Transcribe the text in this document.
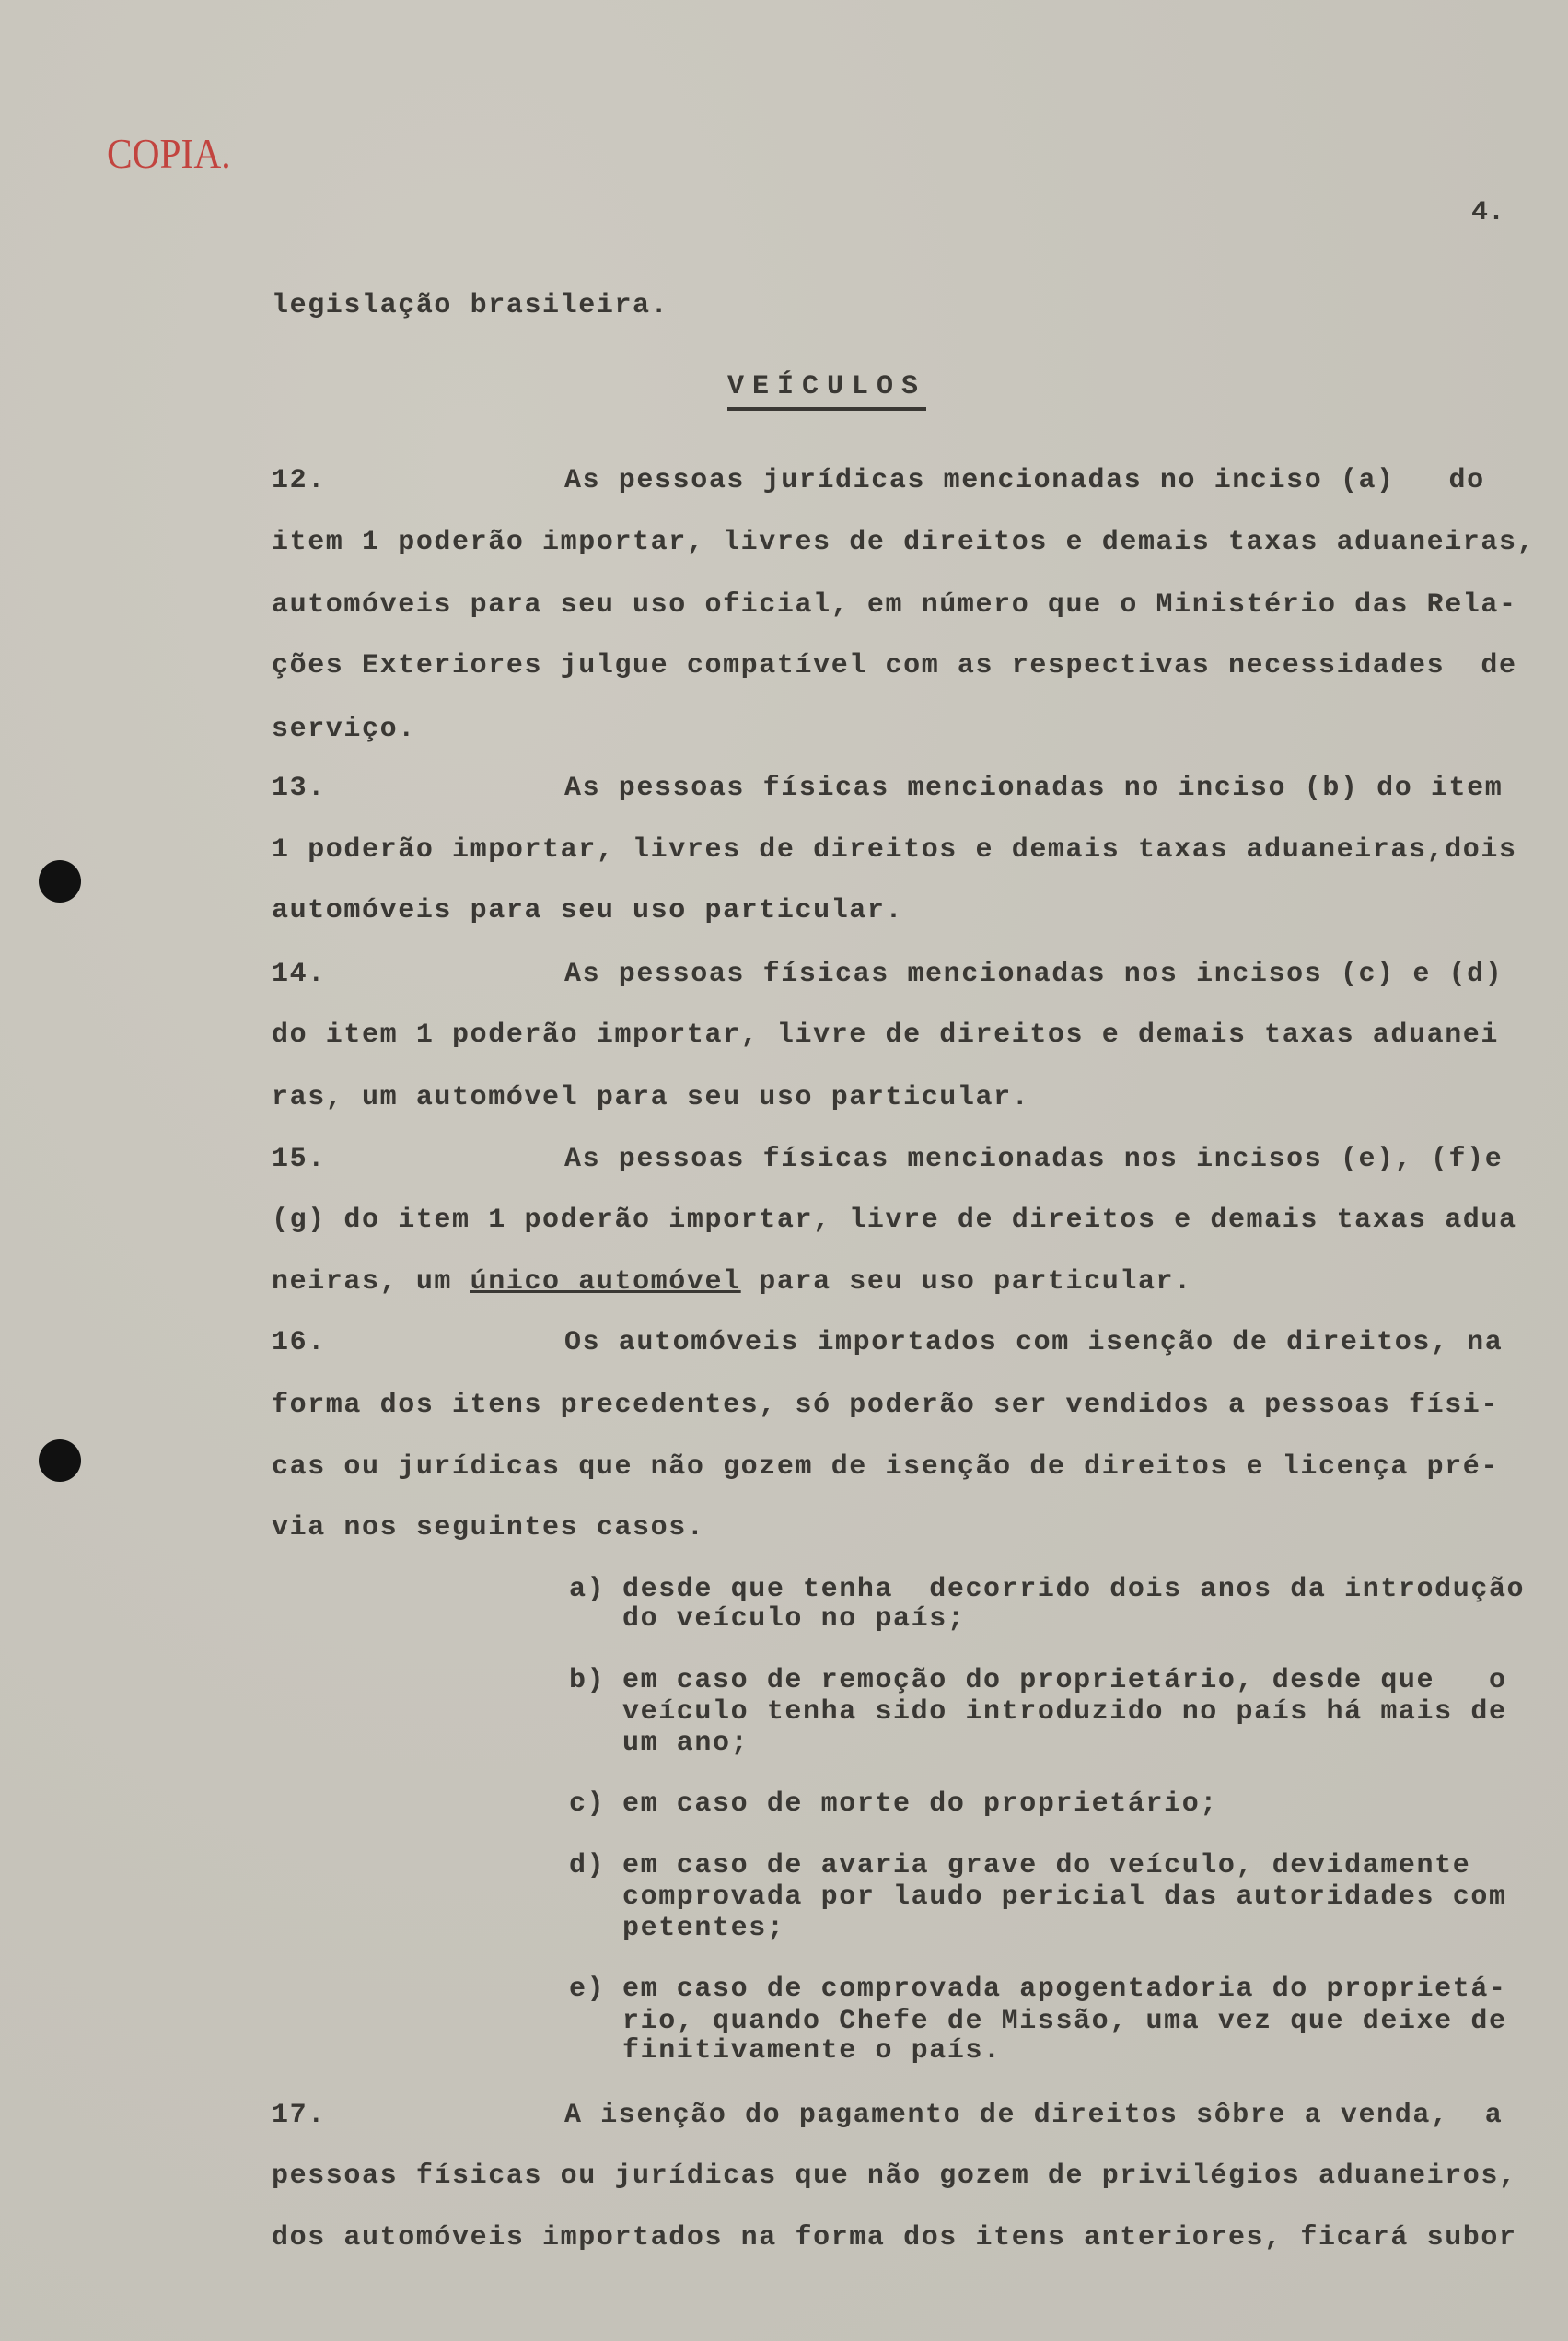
COPIA.
4.
legislação brasileira.
VEÍCULOS
12.	As pessoas jurídicas mencionadas no inciso (a)   do
item 1 poderão importar, livres de direitos e demais taxas aduaneiras,
automóveis para seu uso oficial, em número que o Ministério das Rela-
ções Exteriores julgue compatível com as respectivas necessidades  de
serviço.
13.	As pessoas físicas mencionadas no inciso (b) do item
1 poderão importar, livres de direitos e demais taxas aduaneiras,dois
automóveis para seu uso particular.
14.	As pessoas físicas mencionadas nos incisos (c) e (d)
do item 1 poderão importar, livre de direitos e demais taxas aduanei
ras, um automóvel para seu uso particular.
15.	As pessoas físicas mencionadas nos incisos (e), (f)e
(g) do item 1 poderão importar, livre de direitos e demais taxas adua
neiras, um único automóvel para seu uso particular.
16.	Os automóveis importados com isenção de direitos, na
forma dos itens precedentes, só poderão ser vendidos a pessoas físi-
cas ou jurídicas que não gozem de isenção de direitos e licença pré-
via nos seguintes casos.
a) desde que tenha  decorrido dois anos da introdução
do veículo no país;
b) em caso de remoção do proprietário, desde que   o
veículo tenha sido introduzido no país há mais de
um ano;
c) em caso de morte do proprietário;
d) em caso de avaria grave do veículo, devidamente
comprovada por laudo pericial das autoridades com
petentes;
e) em caso de comprovada apogentadoria do proprietá-
rio, quando Chefe de Missão, uma vez que deixe de
finitivamente o país.
17.	A isenção do pagamento de direitos sôbre a venda,  a
pessoas físicas ou jurídicas que não gozem de privilégios aduaneiros,
dos automóveis importados na forma dos itens anteriores, ficará subor
